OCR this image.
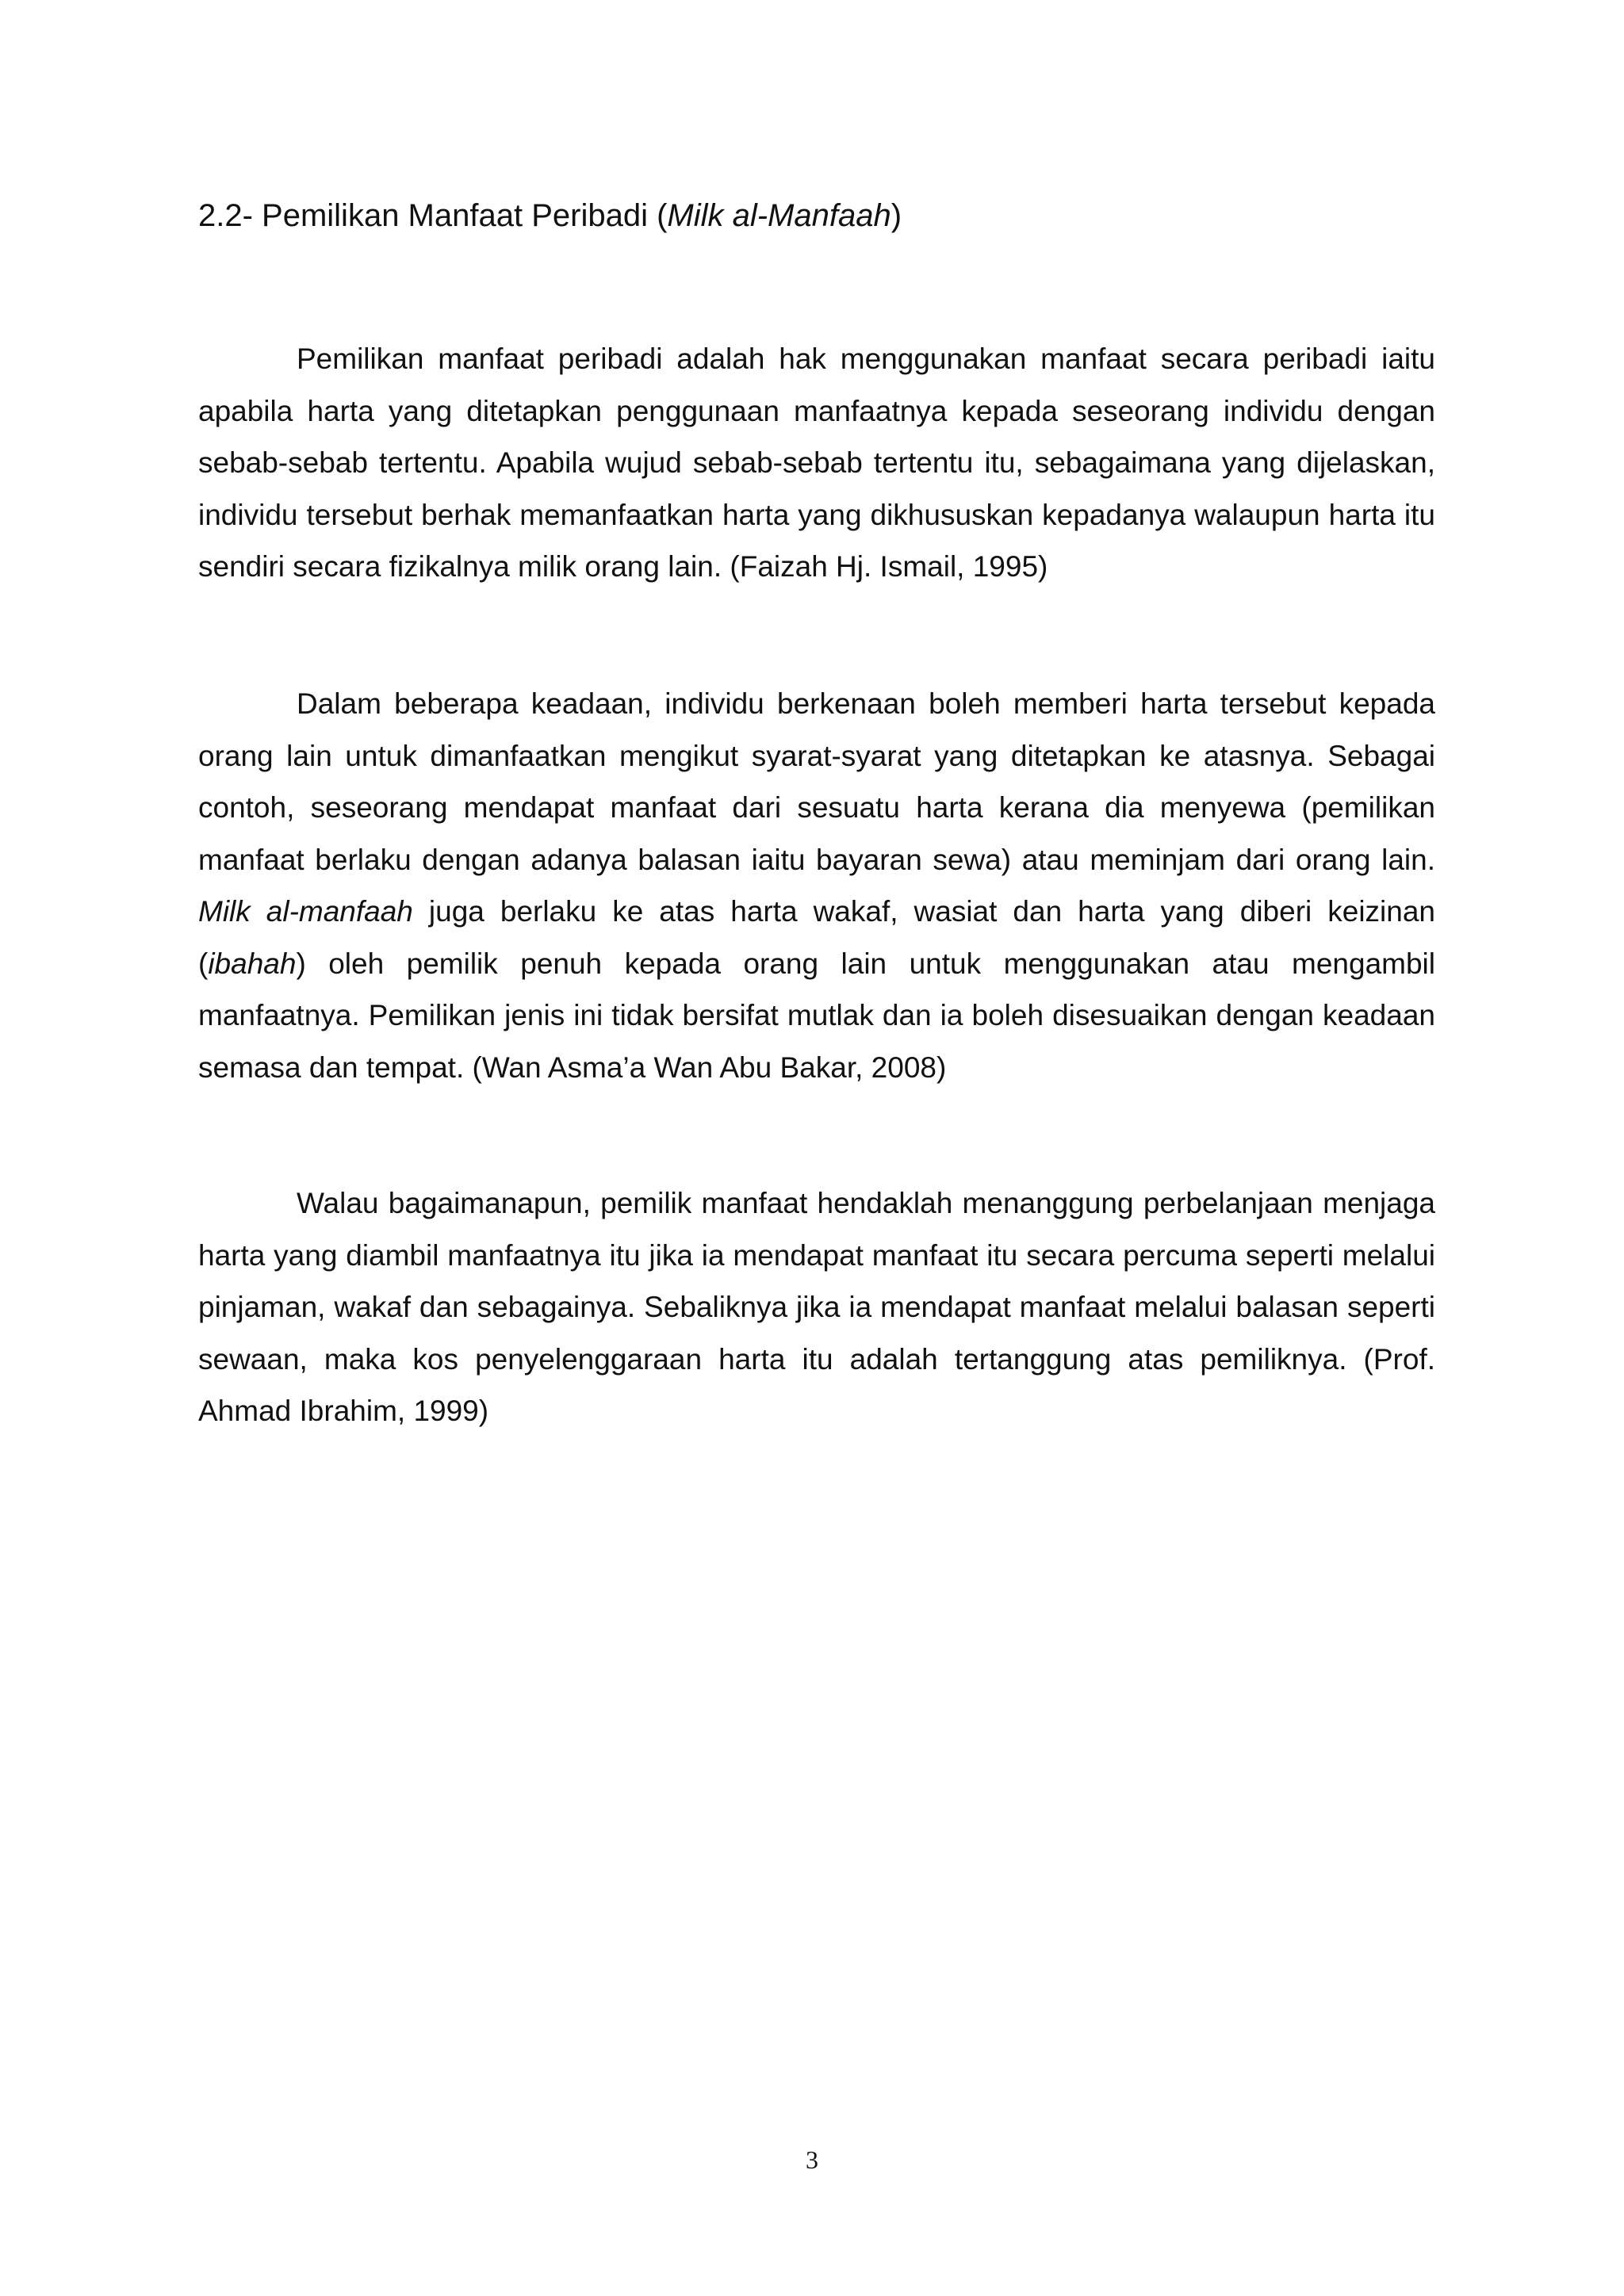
2.2- Pemilikan Manfaat Peribadi (Milk al-Manfaah)

Pemilikan manfaat peribadi adalah hak menggunakan manfaat secara peribadi iaitu apabila harta yang ditetapkan penggunaan manfaatnya kepada seseorang individu dengan sebab-sebab tertentu. Apabila wujud sebab-sebab tertentu itu, sebagaimana yang dijelaskan, individu tersebut berhak memanfaatkan harta yang dikhususkan kepadanya walaupun harta itu sendiri secara fizikalnya milik orang lain. (Faizah Hj. Ismail, 1995)

Dalam beberapa keadaan, individu berkenaan boleh memberi harta tersebut kepada orang lain untuk dimanfaatkan mengikut syarat-syarat yang ditetapkan ke atasnya. Sebagai contoh, seseorang mendapat manfaat dari sesuatu harta kerana dia menyewa (pemilikan manfaat berlaku dengan adanya balasan iaitu bayaran sewa) atau meminjam dari orang lain. Milk al-manfaah juga berlaku ke atas harta wakaf, wasiat dan harta yang diberi keizinan (ibahah) oleh pemilik penuh kepada orang lain untuk menggunakan atau mengambil manfaatnya. Pemilikan jenis ini tidak bersifat mutlak dan ia boleh disesuaikan dengan keadaan semasa dan tempat. (Wan Asma’a Wan Abu Bakar, 2008)

Walau bagaimanapun, pemilik manfaat hendaklah menanggung perbelanjaan menjaga harta yang diambil manfaatnya itu jika ia mendapat manfaat itu secara percuma seperti melalui pinjaman, wakaf dan sebagainya. Sebaliknya jika ia mendapat manfaat melalui balasan seperti sewaan, maka kos penyelenggaraan harta itu adalah tertanggung atas pemiliknya. (Prof. Ahmad Ibrahim, 1999)

3
